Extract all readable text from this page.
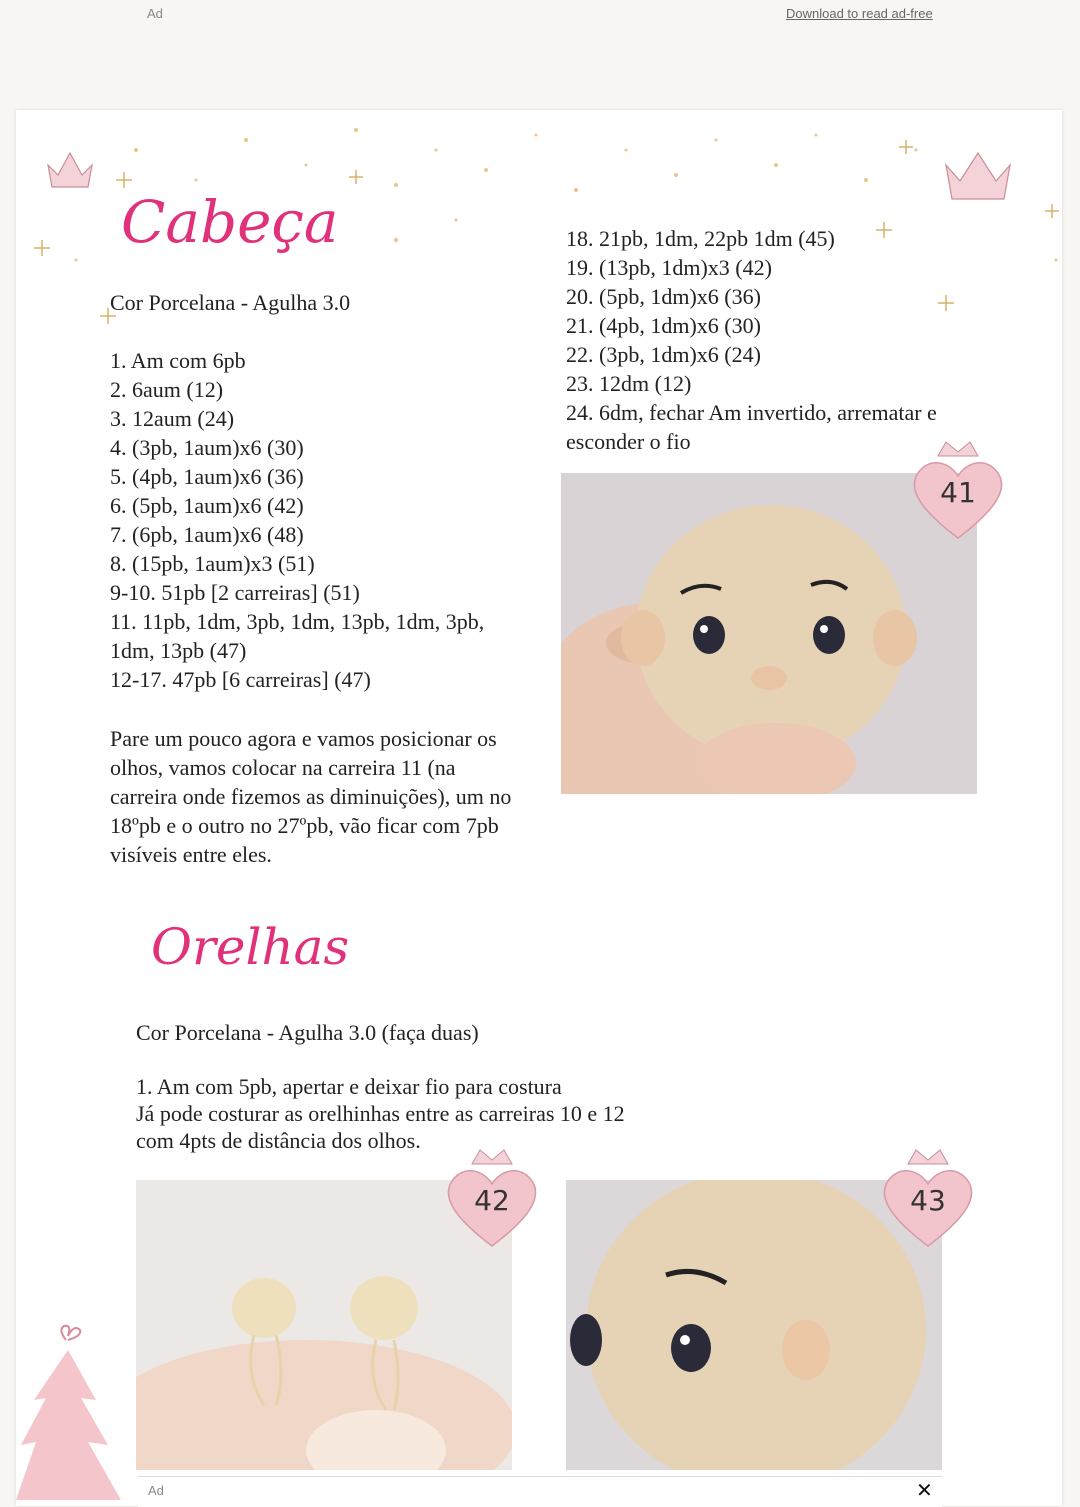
Ad	Download to read ad-free
Cabeça
Cor Porcelana - Agulha 3.0

1. Am com 6pb

2. 6aum (12)

3. 12aum (24)

4. (3pb, 1aum)x6 (30)

5. (4pb, 1aum)x6 (36)

6. (5pb, 1aum)x6 (42)

7. (6pb, 1aum)x6 (48)

8. (15pb, 1aum)x3 (51)

9-10. 51pb [2 carreiras] (51)

11. 11pb, 1dm, 3pb, 1dm, 13pb, 1dm, 3pb,

1dm, 13pb (47)

12-17. 47pb [6 carreiras] (47)

Pare um pouco agora e vamos posicionar os

olhos, vamos colocar na carreira 11 (na

carreira onde fizemos as diminuições), um no

18ºpb e o outro no 27ºpb, vão ficar com 7pb

visíveis entre eles.

18. 21pb, 1dm, 22pb 1dm (45)

19. (13pb, 1dm)x3 (42)

20. (5pb, 1dm)x6 (36)

21. (4pb, 1dm)x6 (30)

22. (3pb, 1dm)x6 (24)

23. 12dm (12)

24. 6dm, fechar Am invertido, arrematar e

esconder o fio

41
Orelhas
Cor Porcelana - Agulha 3.0 (faça duas)

1. Am com 5pb, apertar e deixar fio para costura

Já pode costurar as orelhinhas entre as carreiras 10 e 12

com 4pts de distância dos olhos.

42	43
Ad	✕
